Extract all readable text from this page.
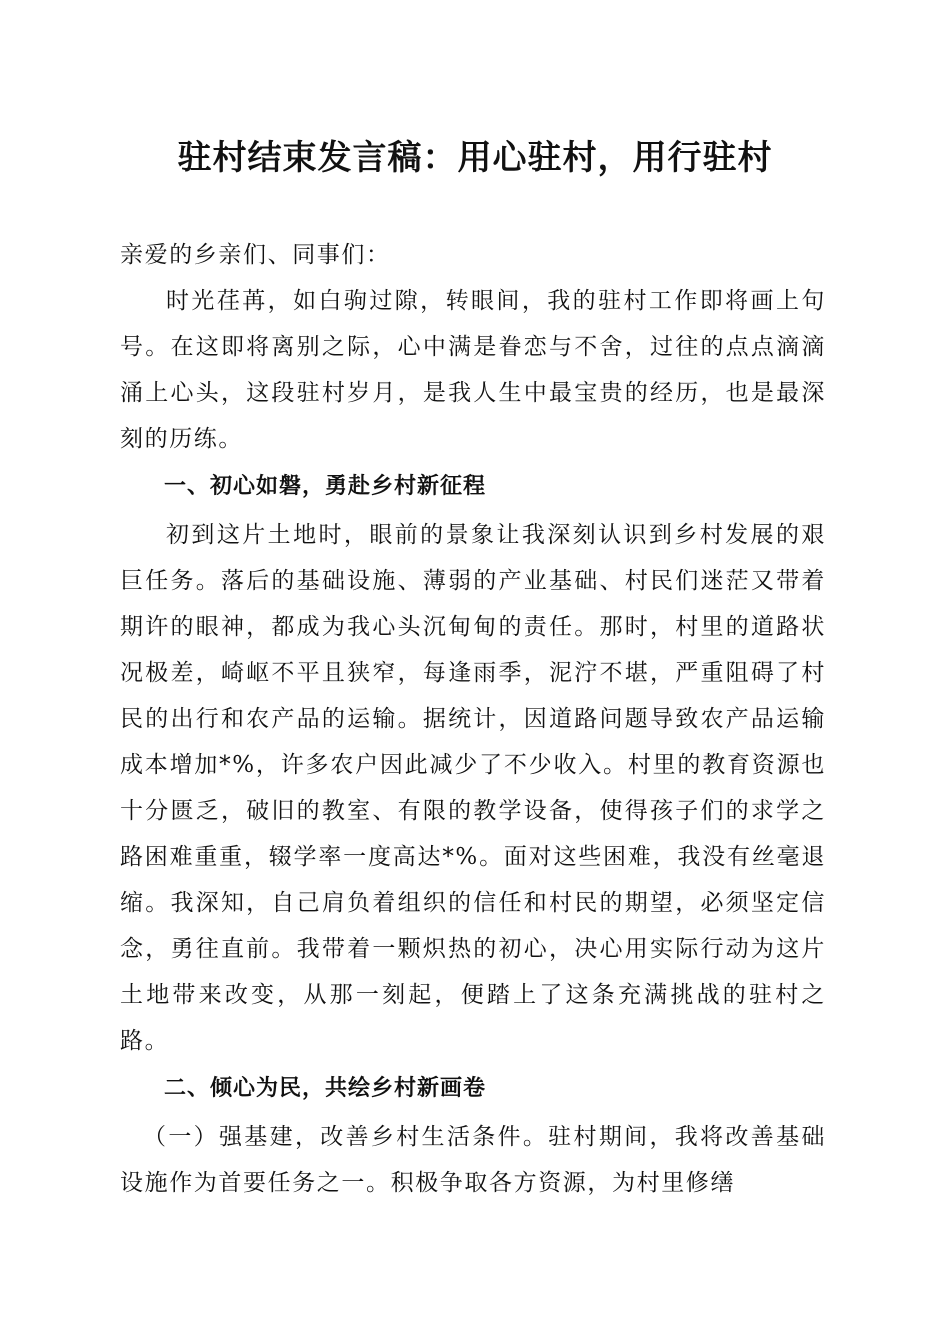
驻村结束发言稿：用心驻村，用行驻村

亲爱的乡亲们、同事们：

时光荏苒，如白驹过隙，转眼间，我的驻村工作即将画上句号。在这即将离别之际，心中满是眷恋与不舍，过往的点点滴滴涌上心头，这段驻村岁月，是我人生中最宝贵的经历，也是最深刻的历练。

一、初心如磐，勇赴乡村新征程

初到这片土地时，眼前的景象让我深刻认识到乡村发展的艰巨任务。落后的基础设施、薄弱的产业基础、村民们迷茫又带着期许的眼神，都成为我心头沉甸甸的责任。那时，村里的道路状况极差，崎岖不平且狭窄，每逢雨季，泥泞不堪，严重阻碍了村民的出行和农产品的运输。据统计，因道路问题导致农产品运输成本增加*%，许多农户因此减少了不少收入。村里的教育资源也十分匮乏，破旧的教室、有限的教学设备，使得孩子们的求学之路困难重重，辍学率一度高达*%。面对这些困难，我没有丝毫退缩。我深知，自己肩负着组织的信任和村民的期望，必须坚定信念，勇往直前。我带着一颗炽热的初心，决心用实际行动为这片土地带来改变，从那一刻起，便踏上了这条充满挑战的驻村之路。

二、倾心为民，共绘乡村新画卷

（一）强基建，改善乡村生活条件。驻村期间，我将改善基础设施作为首要任务之一。积极争取各方资源，为村里修缮
